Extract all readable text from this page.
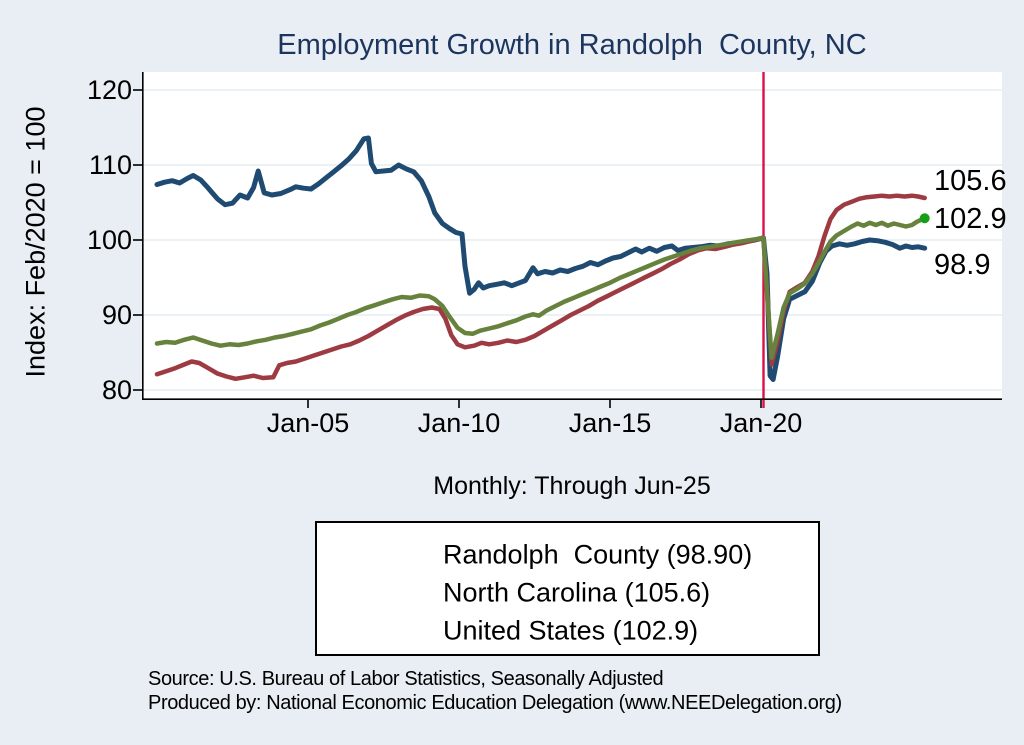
Employment Growth in Randolph  County, NC
Index: Feb/2020 = 100
120
110
100
90
80
Jan-05	Jan-10	Jan-15	Jan-20
105.6
102.9
98.9
Monthly: Through Jun-25
Randolph  County (98.90)
North Carolina (105.6)
United States (102.9)
Source: U.S. Bureau of Labor Statistics, Seasonally Adjusted
Produced by: National Economic Education Delegation (www.NEEDelegation.org)
